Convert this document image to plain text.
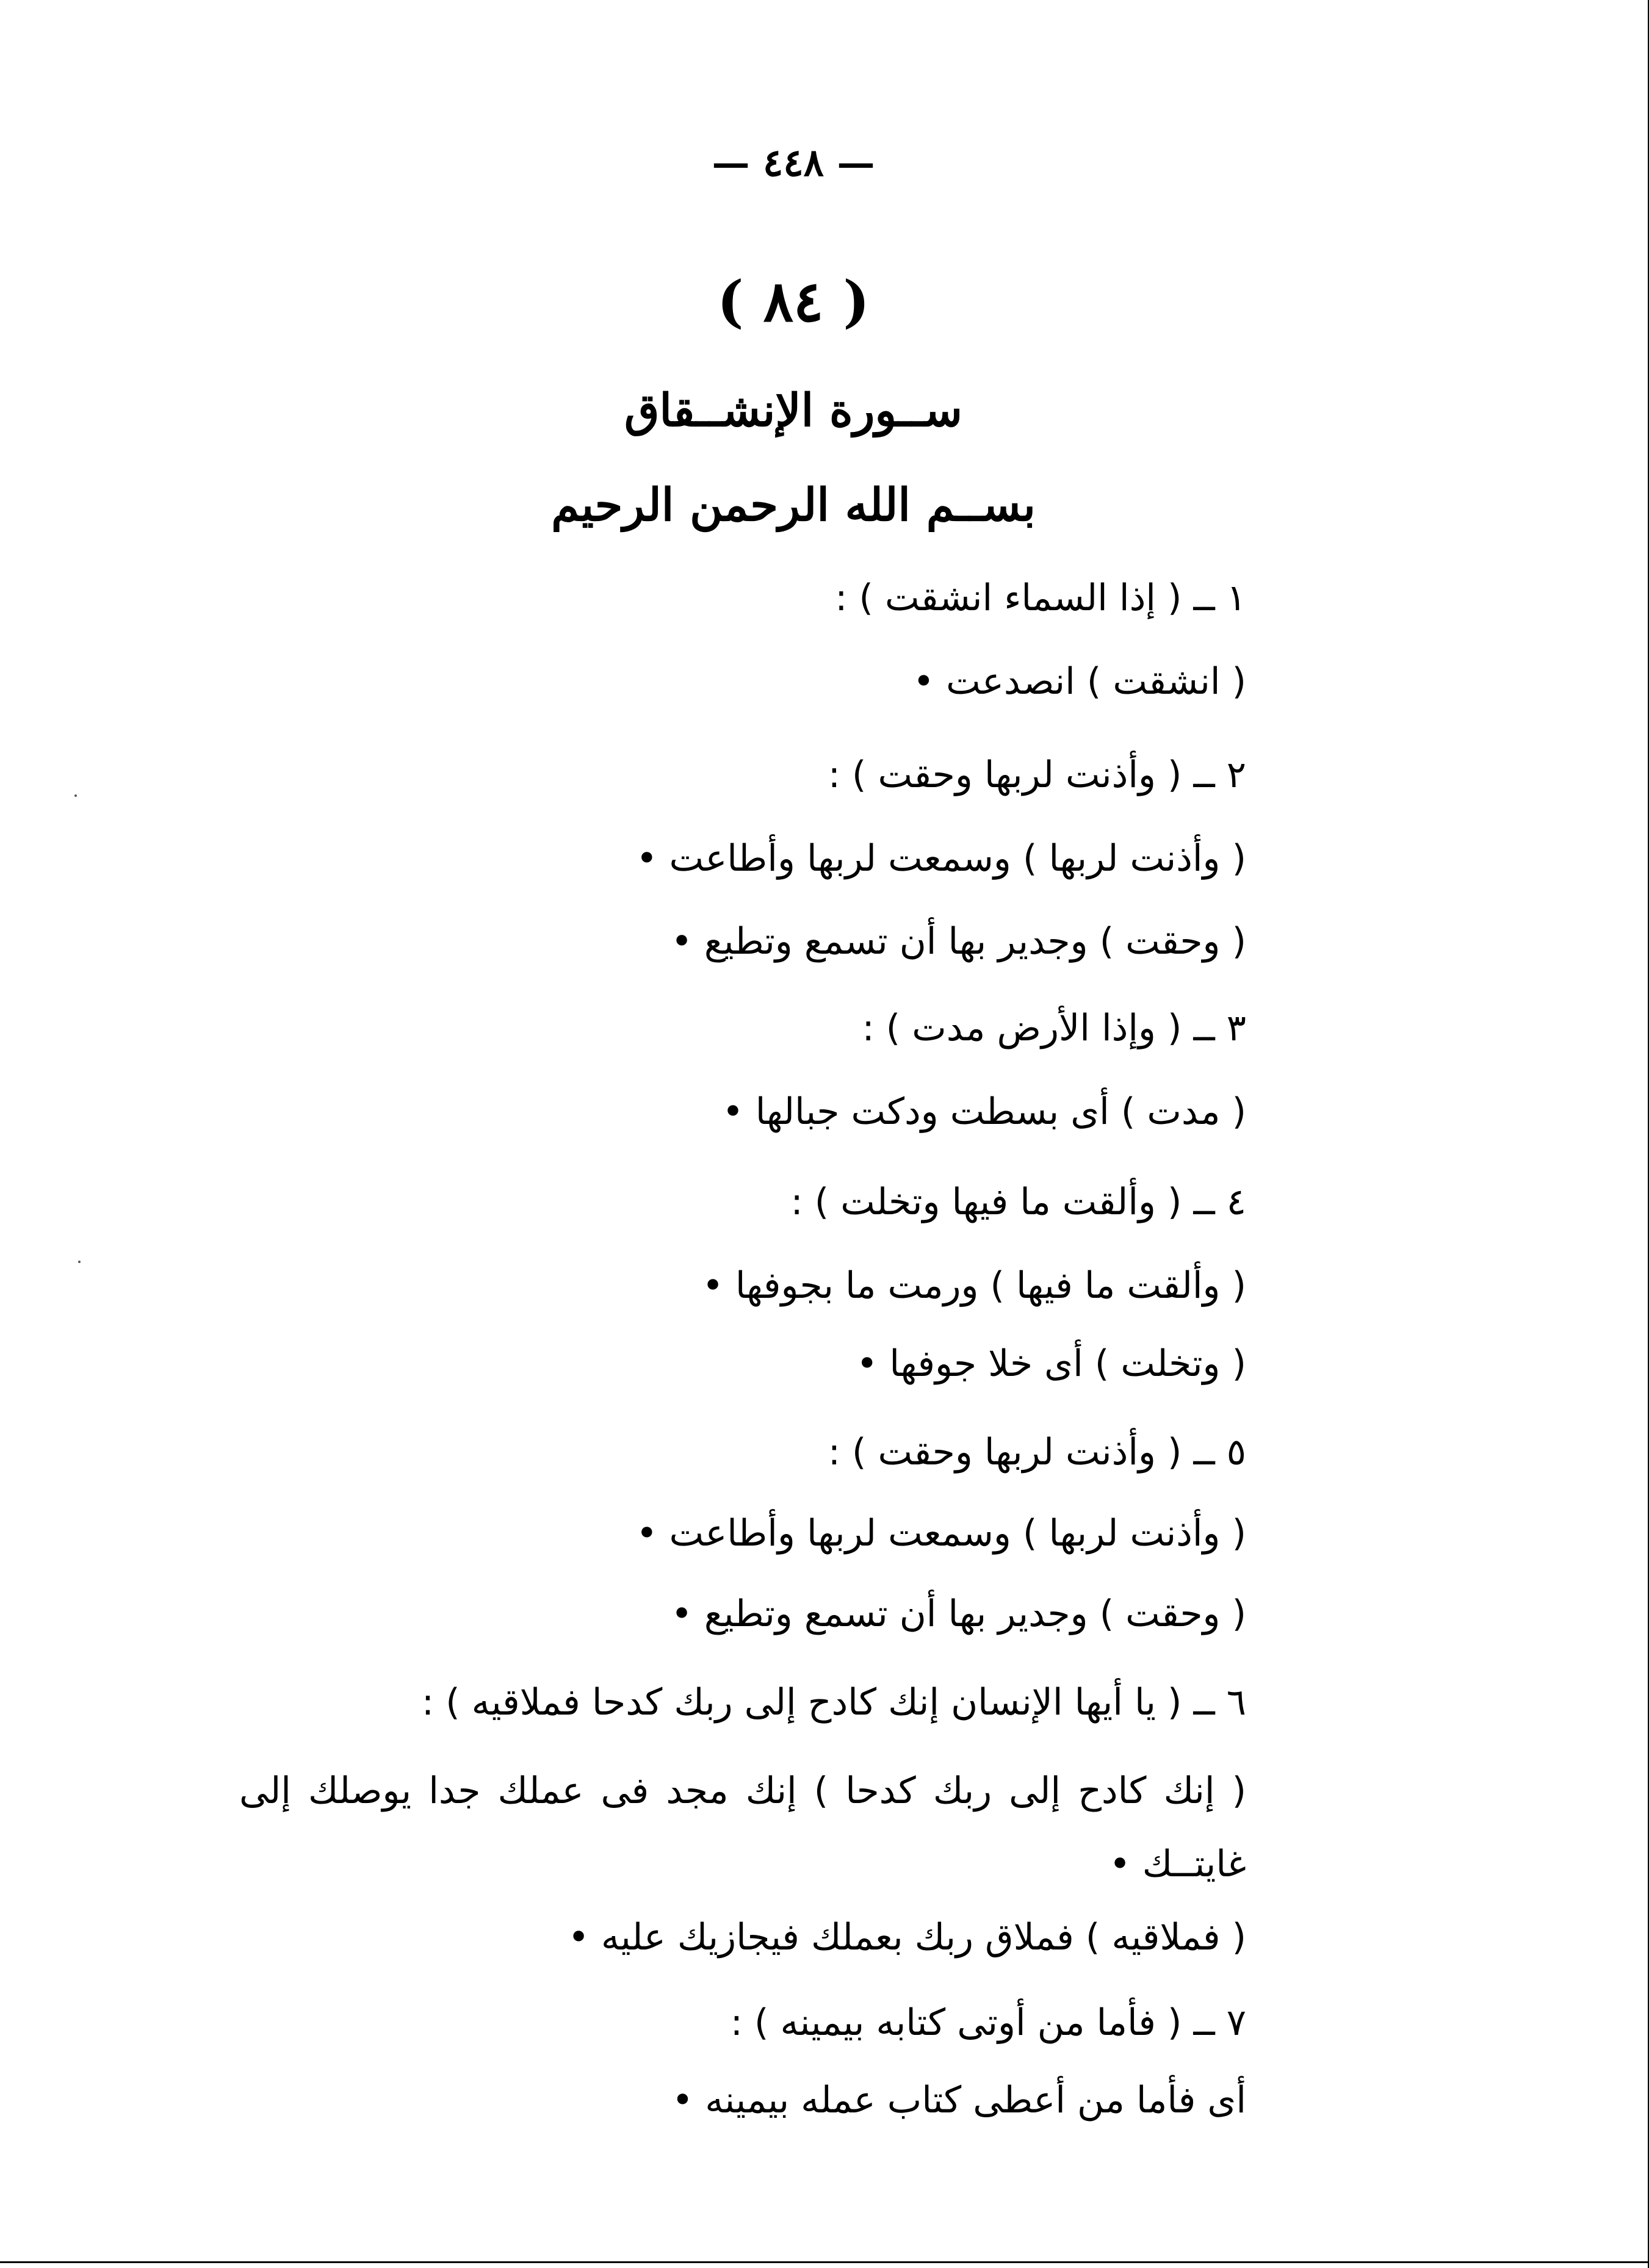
— ٤٤٨ —
( ٨٤ )
ســورة الإنشــقاق
بســم الله الرحمن الرحيم
١ ــ ( إذا السماء انشقت ) :
( انشقت ) انصدعت •
٢ ــ ( وأذنت لربها وحقت ) :
( وأذنت لربها ) وسمعت لربها وأطاعت •
( وحقت ) وجدير بها أن تسمع وتطيع •
٣ ــ ( وإذا الأرض مدت ) :
( مدت ) أى بسطت ودكت جبالها •
٤ ــ ( وألقت ما فيها وتخلت ) :
( وألقت ما فيها ) ورمت ما بجوفها •
( وتخلت ) أى خلا جوفها •
٥ ــ ( وأذنت لربها وحقت ) :
( وأذنت لربها ) وسمعت لربها وأطاعت •
( وحقت ) وجدير بها أن تسمع وتطيع •
٦ ــ ( يا أيها الإنسان إنك كادح إلى ربك كدحا فملاقيه ) :
( إنك كادح إلى ربك كدحا ) إنك مجد فى عملك جدا يوصلك إلى غايتــك •
( فملاقيه ) فملاق ربك بعملك فيجازيك عليه •
٧ ــ ( فأما من أوتى كتابه بيمينه ) :
أى فأما من أعطى كتاب عمله بيمينه •
